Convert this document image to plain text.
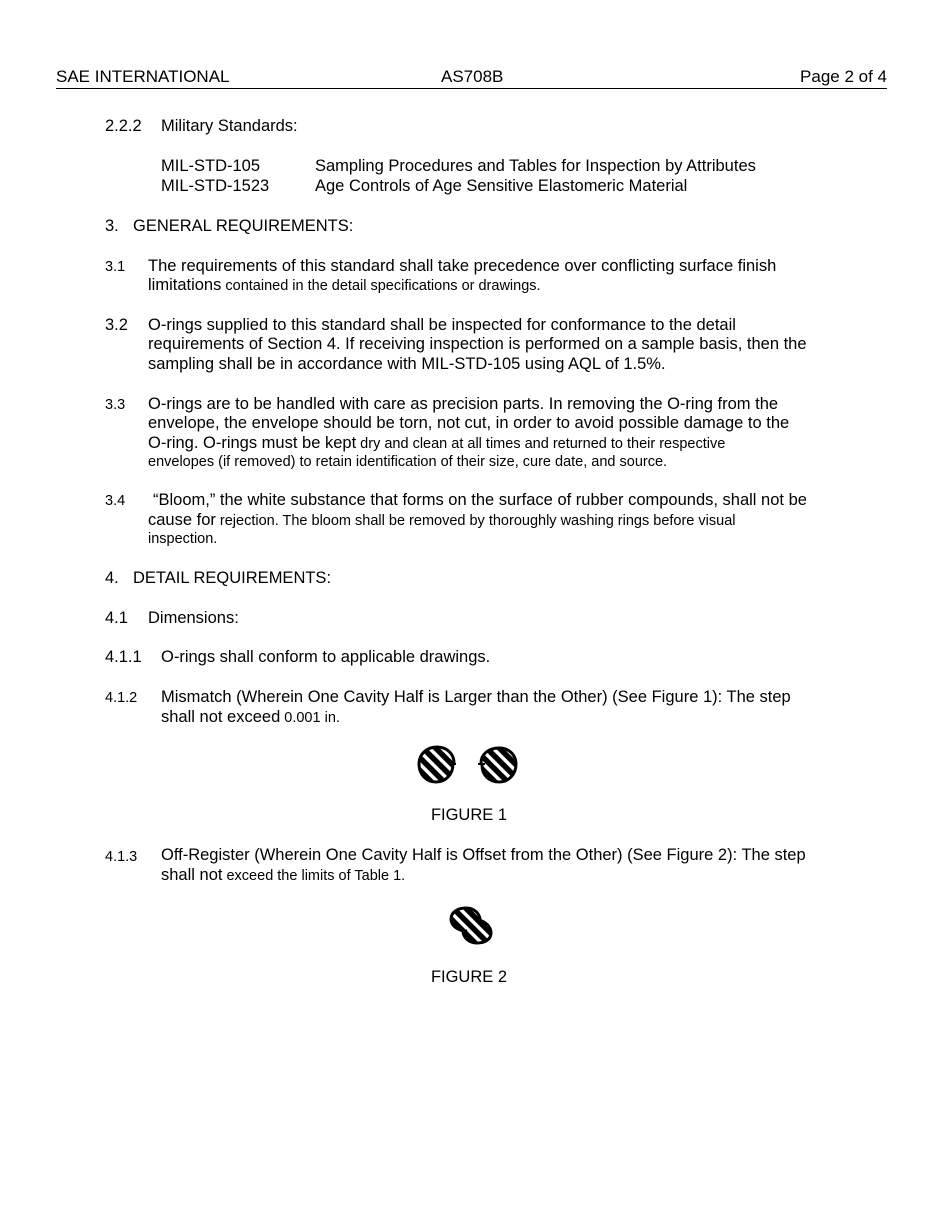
SAE INTERNATIONAL	AS708B	Page 2 of 4
2.2.2 Military Standards:
MIL-STD-105	Sampling Procedures and Tables for Inspection by Attributes
MIL-STD-1523	Age Controls of Age Sensitive Elastomeric Material
3. GENERAL REQUIREMENTS:
3.1 The requirements of this standard shall take precedence over conflicting surface finish
limitations contained in the detail specifications or drawings.
3.2 O-rings supplied to this standard shall be inspected for conformance to the detail
requirements of Section 4. If receiving inspection is performed on a sample basis, then the
sampling shall be in accordance with MIL-STD-105 using AQL of 1.5%.
3.3 O-rings are to be handled with care as precision parts. In removing the O-ring from the
envelope, the envelope should be torn, not cut, in order to avoid possible damage to the
O-ring. O-rings must be kept dry and clean at all times and returned to their respective
envelopes (if removed) to retain identification of their size, cure date, and source.
3.4 “Bloom,” the white substance that forms on the surface of rubber compounds, shall not be
cause for rejection. The bloom shall be removed by thoroughly washing rings before visual
inspection.
4. DETAIL REQUIREMENTS:
4.1 Dimensions:
4.1.1 O-rings shall conform to applicable drawings.
4.1.2 Mismatch (Wherein One Cavity Half is Larger than the Other) (See Figure 1): The step
shall not exceed 0.001 in.
FIGURE 1
4.1.3 Off-Register (Wherein One Cavity Half is Offset from the Other) (See Figure 2): The step
shall not exceed the limits of Table 1.
FIGURE 2
